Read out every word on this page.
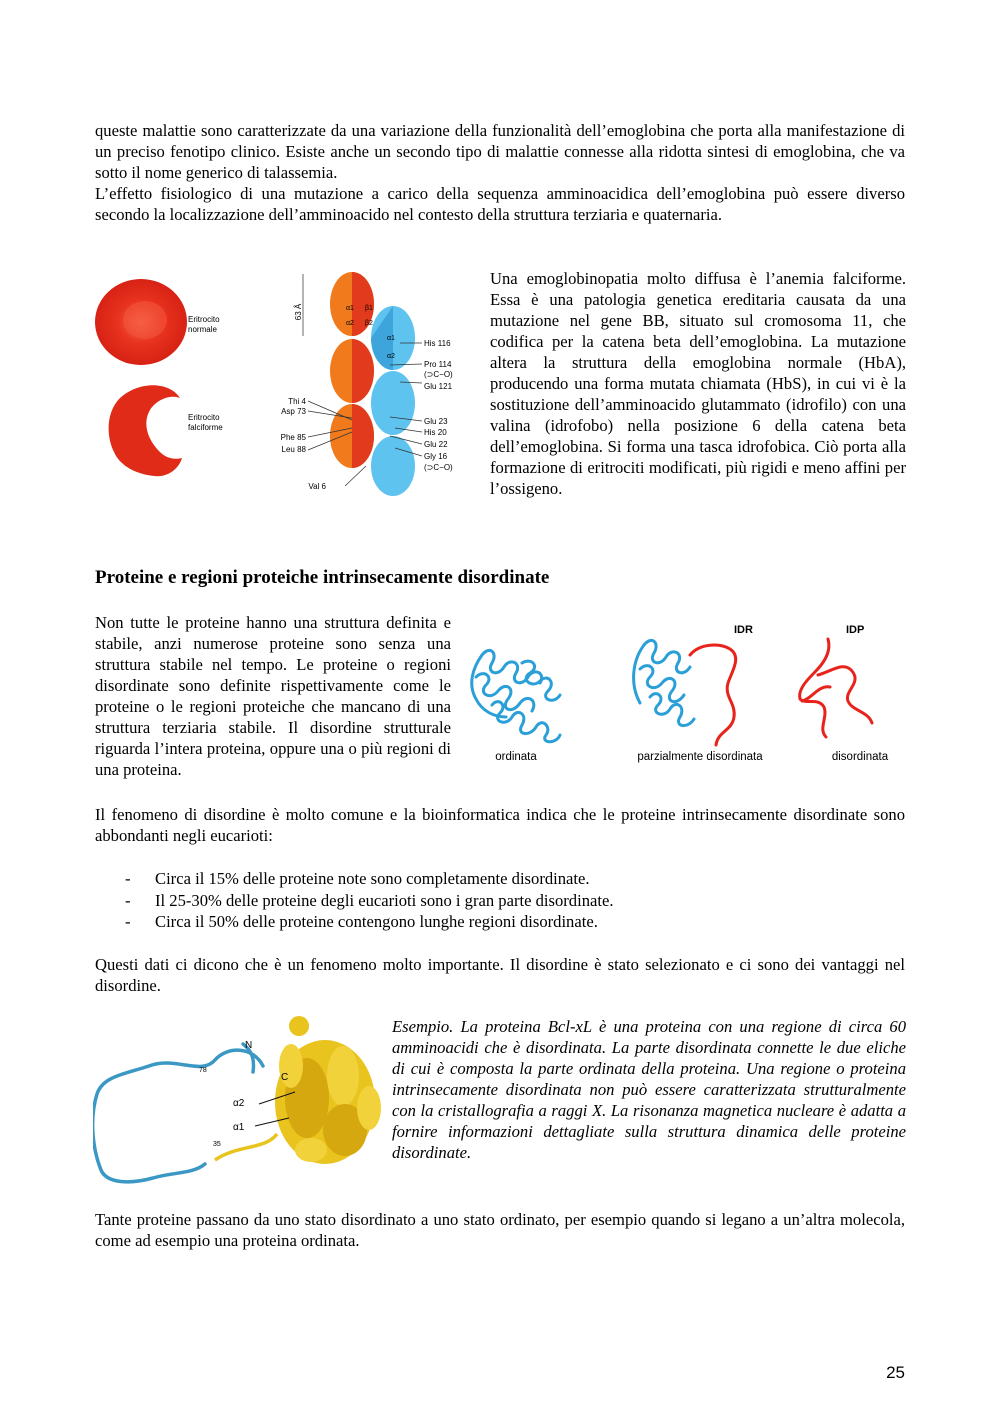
queste malattie sono caratterizzate da una variazione della funzionalità dell’emoglobina che porta alla manifestazione di un preciso fenotipo clinico. Esiste anche un secondo tipo di malattie connesse alla ridotta sintesi di emoglobina, che va sotto il nome generico di talassemia.
L’effetto fisiologico di una mutazione a carico della sequenza amminoacidica dell’emoglobina può essere diverso secondo la localizzazione dell’amminoacido nel contesto della struttura terziaria e quaternaria.
Eritrocito
normale
Eritrocito
falciforme
63 Å	α1
α2
β1
β2
α1
α2
Thi 4
Asp 73
Phe 85
Leu 88
Val 6
His 116
Pro 114
(⊃C−O)
Glu 121
Glu 23
His 20
Glu 22
Gly 16
(⊃C−O)

Una emoglobinopatia molto diffusa è l’anemia falciforme. Essa è una patologia genetica ereditaria causata da una mutazione nel gene BB, situato sul cromosoma 11, che codifica per la catena beta dell’emoglobina. La mutazione altera la struttura della emoglobina normale (HbA), producendo una forma mutata chiamata (HbS), in cui vi è la sostituzione dell’amminoacido glutammato (idrofilo) con una valina (idrofobo) nella posizione 6 della catena beta dell’emoglobina. Si forma una tasca idrofobica. Ciò porta alla formazione di eritrociti modificati, più rigidi e meno affini per l’ossigeno.

Proteine e regioni proteiche intrinsecamente disordinate

Non tutte le proteine hanno una struttura definita e stabile, anzi numerose proteine sono senza una struttura stabile nel tempo. Le proteine o regioni disordinate sono definite rispettivamente come le proteine o le regioni proteiche che mancano di una struttura terziaria stabile. Il disordine strutturale riguarda l’intera proteina, oppure una o più regioni di una proteina.

IDR	IDP
ordinata	parzialmente disordinata	disordinata

Il fenomeno di disordine è molto comune e la bioinformatica indica che le proteine intrinsecamente disordinate sono abbondanti negli eucarioti:

- Circa il 15% delle proteine note sono completamente disordinate.
- Il 25-30% delle proteine degli eucarioti sono i gran parte disordinate.
- Circa il 50% delle proteine contengono lunghe regioni disordinate.

Questi dati ci dicono che è un fenomeno molto importante. Il disordine è stato selezionato e ci sono dei vantaggi nel disordine.

N
C
78
α2
α1
35

Esempio. La proteina Bcl-xL è una proteina con una regione di circa 60 amminoacidi che è disordinata. La parte disordinata connette le due eliche di cui è composta la parte ordinata della proteina. Una regione o proteina intrinsecamente disordinata non può essere caratterizzata strutturalmente con la cristallografia a raggi X. La risonanza magnetica nucleare è adatta a fornire informazioni dettagliate sulla struttura dinamica delle proteine disordinate.

Tante proteine passano da uno stato disordinato a uno stato ordinato, per esempio quando si legano a un’altra molecola, come ad esempio una proteina ordinata.

25
